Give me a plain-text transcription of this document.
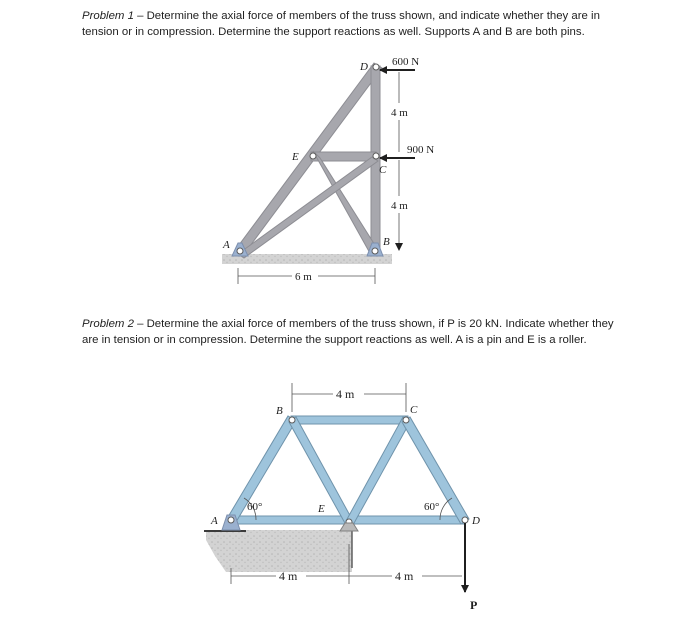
Problem 1 – Determine the axial force of members of the truss shown, and indicate whether they are in tension or in compression. Determine the support reactions as well. Supports A and B are both pins.
600 N
900 N
4 m
4 m
6 m
A	B
C
D
E
P
4 m
4 m	4 m
60°	60°
A
B	C
D
E
Problem 2 – Determine the axial force of members of the truss shown, if P is 20 kN. Indicate whether they are in tension or in compression. Determine the support reactions as well. A is a pin and E is a roller.
